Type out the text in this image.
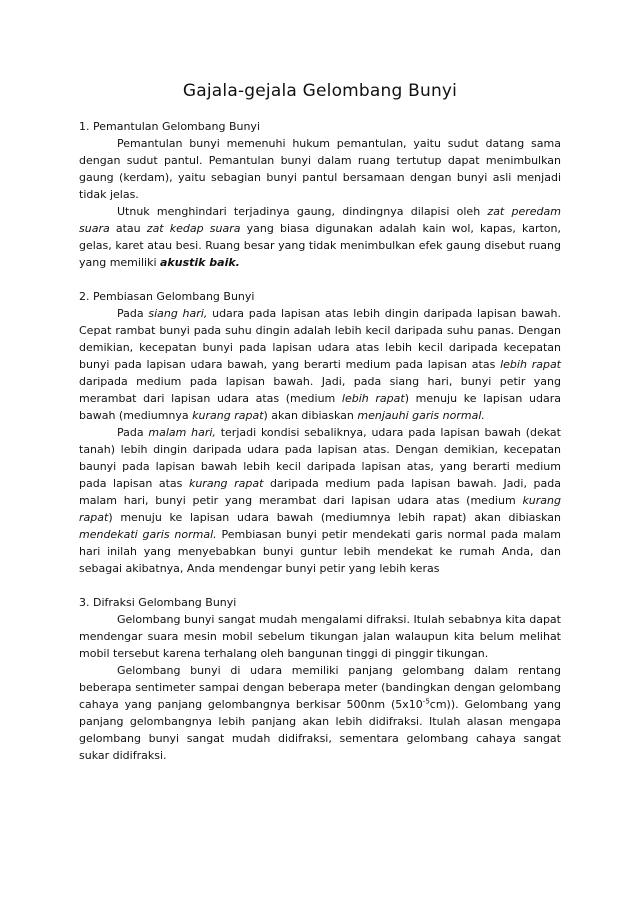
Gajala-gejala Gelombang Bunyi
1. Pemantulan Gelombang Bunyi

Pemantulan bunyi memenuhi hukum pemantulan, yaitu sudut datang sama dengan sudut pantul. Pemantulan bunyi dalam ruang tertutup dapat menimbulkan gaung (kerdam), yaitu sebagian bunyi pantul bersamaan dengan bunyi asli menjadi tidak jelas.

Utnuk menghindari terjadinya gaung, dindingnya dilapisi oleh zat peredam suara atau zat kedap suara yang biasa digunakan adalah kain wol, kapas, karton, gelas, karet atau besi. Ruang besar yang tidak menimbulkan efek gaung disebut ruang yang memiliki akustik baik.

2. Pembiasan Gelombang Bunyi

Pada siang hari, udara pada lapisan atas lebih dingin daripada lapisan bawah. Cepat rambat bunyi pada suhu dingin adalah lebih kecil daripada suhu panas. Dengan demikian, kecepatan bunyi pada lapisan udara atas lebih kecil daripada kecepatan bunyi pada lapisan udara bawah, yang berarti medium pada lapisan atas lebih rapat daripada medium pada lapisan bawah. Jadi, pada siang hari, bunyi petir yang merambat dari lapisan udara atas (medium lebih rapat) menuju ke lapisan udara bawah (mediumnya kurang rapat) akan dibiaskan menjauhi garis normal.

Pada malam hari, terjadi kondisi sebaliknya, udara pada lapisan bawah (dekat tanah) lebih dingin daripada udara pada lapisan atas. Dengan demikian, kecepatan baunyi pada lapisan bawah lebih kecil daripada lapisan atas, yang berarti medium pada lapisan atas kurang rapat daripada medium pada lapisan bawah. Jadi, pada malam hari, bunyi petir yang merambat dari lapisan udara atas (medium kurang rapat) menuju ke lapisan udara bawah (mediumnya lebih rapat) akan dibiaskan mendekati garis normal. Pembiasan bunyi petir mendekati garis normal pada malam hari inilah yang menyebabkan bunyi guntur lebih mendekat ke rumah Anda, dan sebagai akibatnya, Anda mendengar bunyi petir yang lebih keras

3. Difraksi Gelombang Bunyi

Gelombang bunyi sangat mudah mengalami difraksi. Itulah sebabnya kita dapat mendengar suara mesin mobil sebelum tikungan jalan walaupun kita belum melihat mobil tersebut karena terhalang oleh bangunan tinggi di pinggir tikungan.

Gelombang bunyi di udara memiliki panjang gelombang dalam rentang beberapa sentimeter sampai dengan beberapa meter (bandingkan dengan gelombang cahaya yang panjang gelombangnya berkisar 500nm $(5x10^{-5}cm)$). Gelombang yang panjang gelombangnya lebih panjang akan lebih didifraksi. Itulah alasan mengapa gelombang bunyi sangat mudah didifraksi, sementara gelombang cahaya sangat sukar didifraksi.
